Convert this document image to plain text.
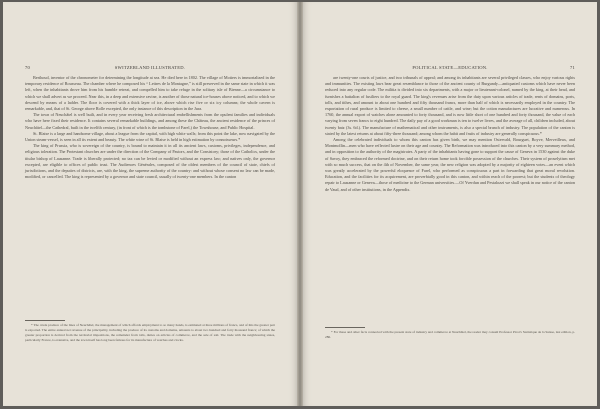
70	SWITZERLAND ILLUSTRATED.

Berthoud, inventor of the chronometer for determining the longitude at sea. He died here in 1802. The village of Motiers is immortalized in the temporary residence of Rousseau. The chamber where he composed his “ Lettres de la Montagne,” is still preserved in the same state in which it was left, when the inhabitants drove him from his humble retreat, and compelled him to take refuge in the solitary isle of Bienne—a circumstance to which we shall advert as we proceed. Near this, in a deep and extensive ravine, is another of those natural ice-houses above noticed, and to which we descend by means of a ladder. The floor is covered with a thick layer of ice, above which rise five or six icy columns; the whole cavern is remarkable, and, that of St. George above Rolle excepted, the only instance of this description in the Jura.

The town of Neuchâtel is well built, and in every year receiving fresh architectural embellishments from the opulent families and individuals who have here fixed their residence. It contains several remarkable buildings, and among these the Château, the ancient residence of the princes of Neuchâtel—the Cathedral, built in the twelfth century, (in front of which is the tombstone of Farel,) the Townhouse, and Public Hospital.

St. Blaise is a large and handsome village, about a league from the capital, with high white walls; from this point the lake, now navigated by the Union steam-vessel, is seen in all its extent and beauty. The white wine of St. Blaise is held in high estimation by connoisseurs.*

The king of Prussia, who is sovereign of the country, is bound to maintain it in all its ancient laws, customs, privileges, independence, and religious toleration. The Protestant churches are under the direction of the Company of Pastors, and the Consistory; those of the Catholics, under the titular bishop of Lausanne. Trade is liberally protected; no tax can be levied or modified without an express law; and natives only, the governor excepted, are eligible to offices of public trust. The Audiences Générales, composed of the oldest members of the council of state, chiefs of jurisdictions, and the deputies of districts, are, with the king, the supreme authority of the country: and without whose consent no law can be made, modified, or cancelled. The king is represented by a governor and state council, usually of twenty-one members. In the canton

* The crude produce of the lines of Neuchâtel, the management of which affords employment to so many hands, is estimated at three millions of francs, and of this the greater part is exported. The entire annual net revenue of the principality, including the produce of its customs and domains, amounts to about two hundred and forty thousand francs; of which the greater proportion is derived from the territorial impositions, the remainder from tolls, duties on articles of commerce, and the sale of salt. The trade with the neighbouring states, particularly France, is extensive, and the town itself has long been famous for its manufacture of watches and clocks.

POLITICAL STATE—EDUCATION.	71

are twenty-one courts of justice, and two tribunals of appeal; and among its inhabitants are several privileged classes, who enjoy various rights and immunities. The existing laws bear great resemblance to those of the ancient county of Burgundy—antiquated customs which have never been reduced into any regular code. The militia is divided into six departments, with a major or lieutenant-colonel, named by the king, at their head, and furnishes a battalion of fusiliers to the royal guard. The king's revenues arise from the duty upon various articles of trade, rents of domains, ports, tolls, and tithes, and amount to about one hundred and fifty thousand francs, more than half of which is necessarily employed in the country. The exportation of rural produce is limited to cheese, a small number of cattle, and wine; but the cotton manufactures are lucrative and numerous. In 1760, the annual export of watches alone amounted to forty thousand, and is now little short of one hundred and forty thousand, the value of each varying from seven francs to eight hundred. The daily pay of a good workman is ten to twelve livres, and the average of all, children included, about twenty batz (3s. 6d.). The manufacture of mathematical and other instruments, is also a special branch of industry. The population of the canton is stated by the latest returns at about fifty-three thousand; among whom the habit and fruits of industry are generally conspicuous.*

Among the celebrated individuals to whom this canton has given birth, we may mention Ostervald, Bourguet, Boyve, Merveilleux, and Montmollin—men who have reflected lustre on their age and country. The Reformation was introduced into this canton by a very summary method, and in opposition to the authority of the magistrates. A party of the inhabitants having gone to support the cause of Geneva in 1530 against the duke of Savoy, they embraced the reformed doctrine, and on their return home took forcible possession of the churches. Their system of proselytism met with so much success, that on the 4th of November, the same year, the new religion was adopted by a majority of eighteen votes—an event which was greatly accelerated by the powerful eloquence of Farel, who performed as conspicuous a part in forwarding that great moral revolution. Education, and the facilities for its acquirement, are proverbially good in this canton, and within reach of the poorest; but the students of theology repair to Lausanne or Geneva—those of medicine to the German universities.—Of Yverdun and Pestalozzi we shall speak in our notice of the canton de Vaud, and of other institutions, in the Appendix.

* For these and other facts connected with the present state of industry and commerce at Neuchâtel, the reader may consult Professor Picot's Statistique de la Suisse, last edition, p. 286.
